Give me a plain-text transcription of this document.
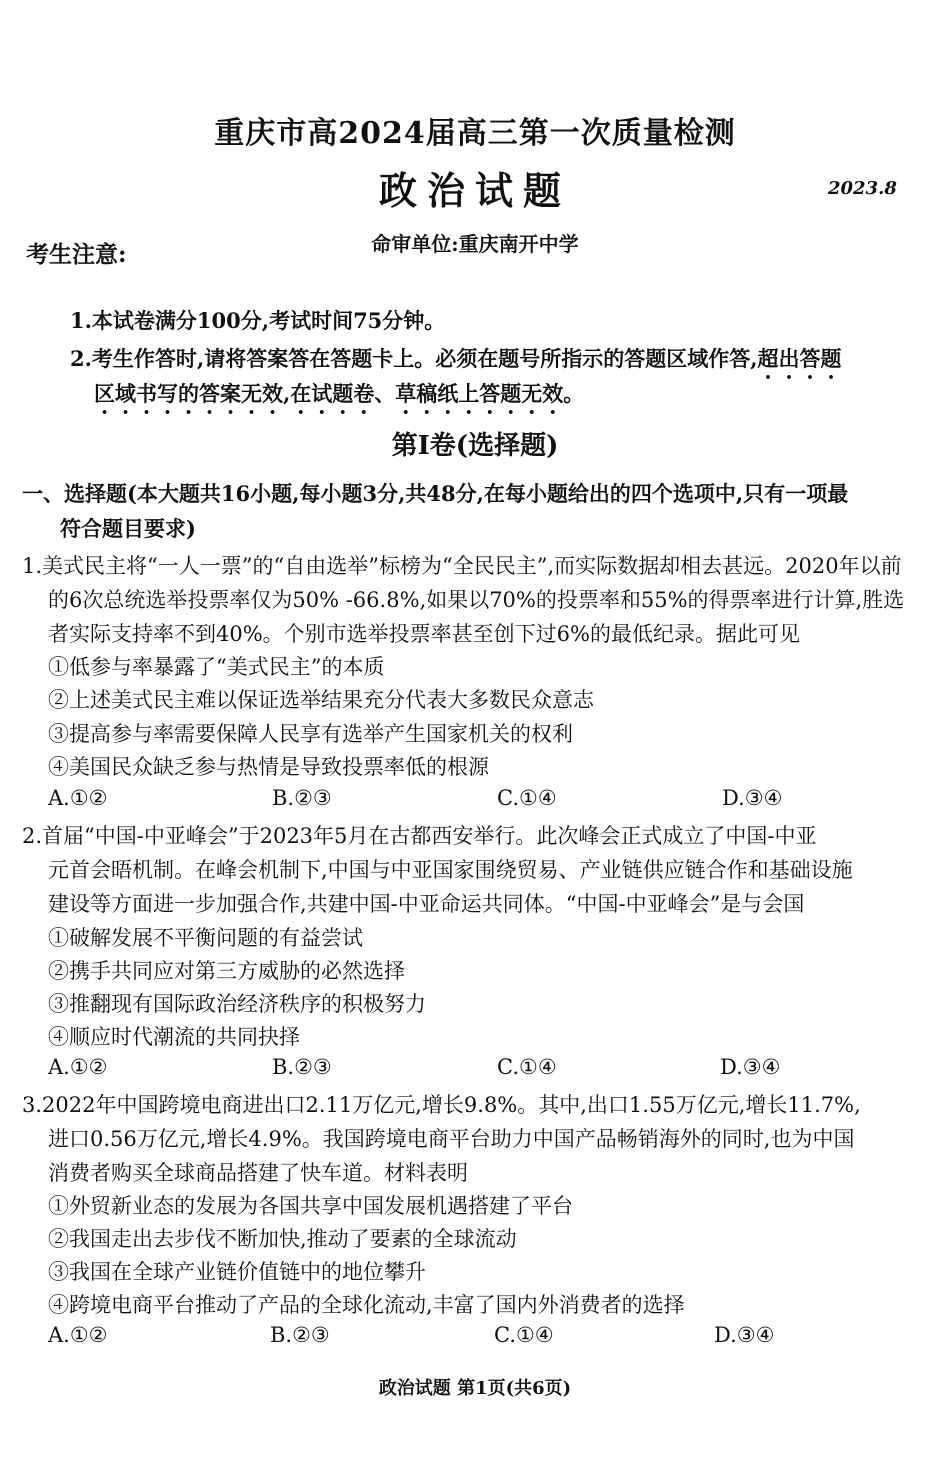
重庆市高2024届高三第一次质量检测
政治试题	2023.8
命审单位:重庆南开中学
考生注意:
1.本试卷满分100分,考试时间75分钟。
2.考生作答时,请将答案答在答题卡上。必须在题号所指示的答题区域作答,超出答题
区域书写的答案无效,在试题卷、草稿纸上答题无效。
第Ⅰ卷(选择题)
一、选择题(本大题共16小题,每小题3分,共48分,在每小题给出的四个选项中,只有一项最
符合题目要求)
1.美式民主将“一人一票”的“自由选举”标榜为“全民民主”,而实际数据却相去甚远。2020年以前
的6次总统选举投票率仅为50% -66.8%,如果以70%的投票率和55%的得票率进行计算,胜选
者实际支持率不到40%。个别市选举投票率甚至创下过6%的最低纪录。据此可见
①低参与率暴露了“美式民主”的本质
②上述美式民主难以保证选举结果充分代表大多数民众意志
③提高参与率需要保障人民享有选举产生国家机关的权利
④美国民众缺乏参与热情是导致投票率低的根源
A.①②	B.②③	C.①④	D.③④
2.首届“中国-中亚峰会”于2023年5月在古都西安举行。此次峰会正式成立了中国-中亚
元首会晤机制。在峰会机制下,中国与中亚国家围绕贸易、产业链供应链合作和基础设施
建设等方面进一步加强合作,共建中国-中亚命运共同体。“中国-中亚峰会”是与会国
①破解发展不平衡问题的有益尝试
②携手共同应对第三方威胁的必然选择
③推翻现有国际政治经济秩序的积极努力
④顺应时代潮流的共同抉择
A.①②	B.②③	C.①④	D.③④
3.2022年中国跨境电商进出口2.11万亿元,增长9.8%。其中,出口1.55万亿元,增长11.7%,
进口0.56万亿元,增长4.9%。我国跨境电商平台助力中国产品畅销海外的同时,也为中国
消费者购买全球商品搭建了快车道。材料表明
①外贸新业态的发展为各国共享中国发展机遇搭建了平台
②我国走出去步伐不断加快,推动了要素的全球流动
③我国在全球产业链价值链中的地位攀升
④跨境电商平台推动了产品的全球化流动,丰富了国内外消费者的选择
A.①②	B.②③	C.①④	D.③④
政治试题 第1页(共6页)
